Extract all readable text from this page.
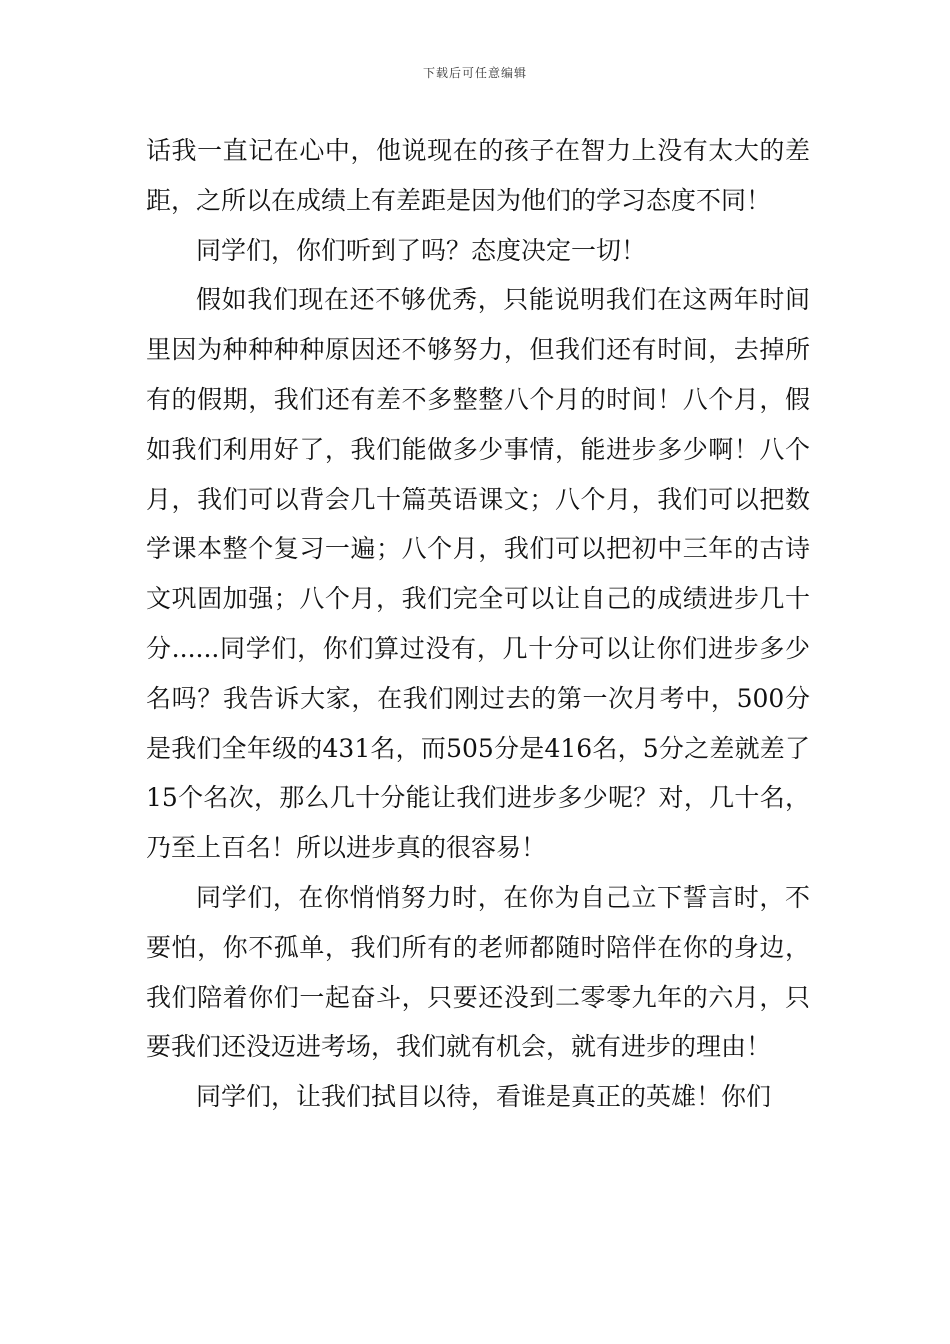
下载后可任意编辑

话我一直记在心中，他说现在的孩子在智力上没有太大的差距，之所以在成绩上有差距是因为他们的学习态度不同！

同学们，你们听到了吗？态度决定一切！

假如我们现在还不够优秀，只能说明我们在这两年时间里因为种种种种原因还不够努力，但我们还有时间，去掉所有的假期，我们还有差不多整整八个月的时间！八个月，假如我们利用好了，我们能做多少事情，能进步多少啊！八个月，我们可以背会几十篇英语课文；八个月，我们可以把数学课本整个复习一遍；八个月，我们可以把初中三年的古诗文巩固加强；八个月，我们完全可以让自己的成绩进步几十分......同学们，你们算过没有，几十分可以让你们进步多少名吗？我告诉大家，在我们刚过去的第一次月考中，500分是我们全年级的431名，而505分是416名，5分之差就差了15个名次，那么几十分能让我们进步多少呢？对，几十名，乃至上百名！所以进步真的很容易！

同学们，在你悄悄努力时，在你为自己立下誓言时，不要怕，你不孤单，我们所有的老师都随时陪伴在你的身边，我们陪着你们一起奋斗，只要还没到二零零九年的六月，只要我们还没迈进考场，我们就有机会，就有进步的理由！

同学们，让我们拭目以待，看谁是真正的英雄！你们
